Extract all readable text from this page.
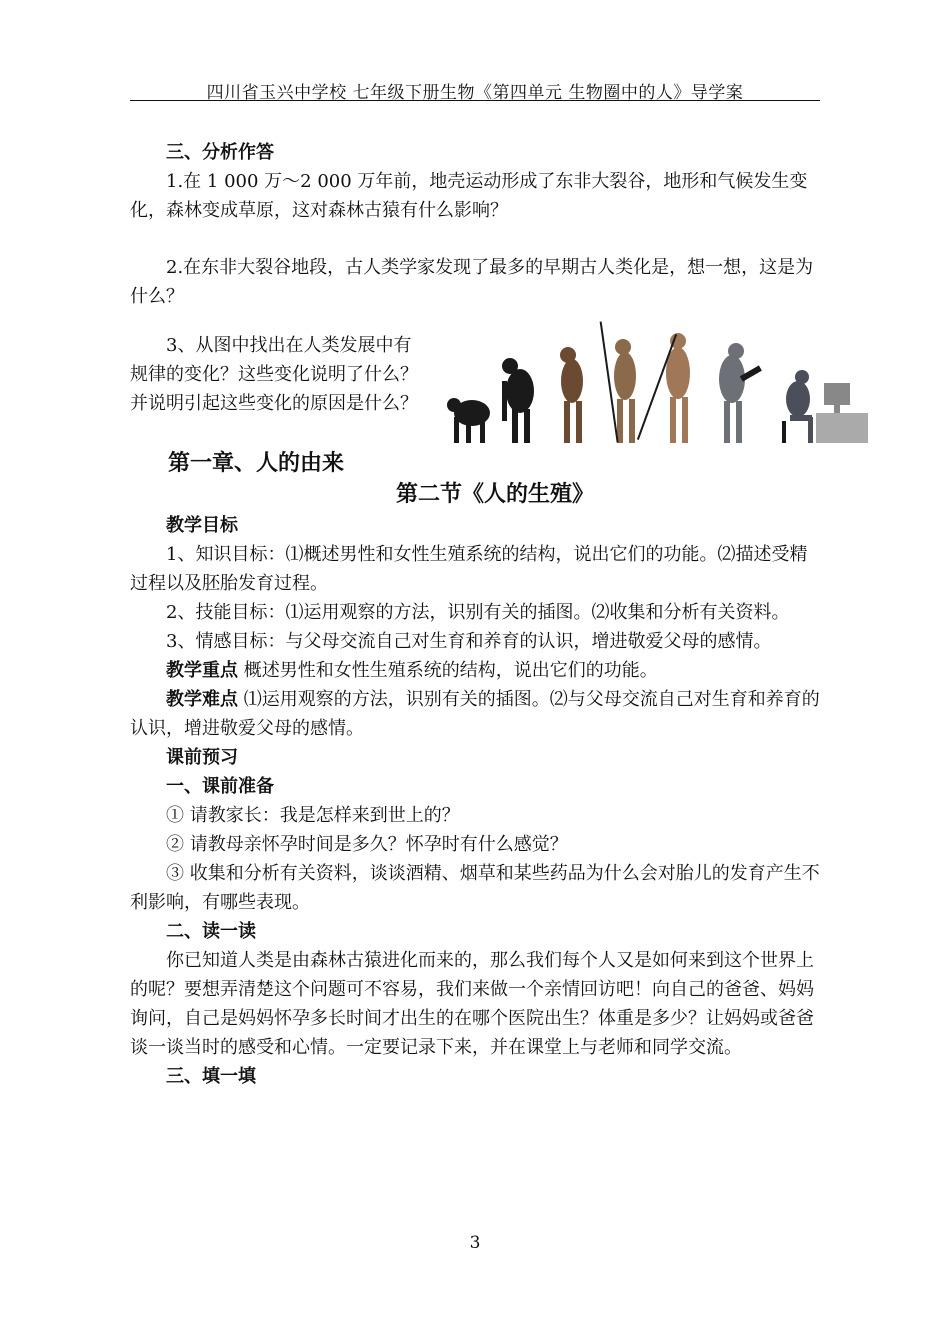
四川省玉兴中学校 七年级下册生物《第四单元 生物圈中的人》导学案

三、分析作答

1.在 1 000 万～2 000 万年前，地壳运动形成了东非大裂谷，地形和气候发生变化，森林变成草原，这对森林古猿有什么影响？

2.在东非大裂谷地段，古人类学家发现了最多的早期古人类化是，想一想，这是为什么？

3、从图中找出在人类发展中有规律的变化？这些变化说明了什么？并说明引起这些变化的原因是什么？

第一章、人的由来

第二节《人的生殖》

教学目标

1、知识目标：⑴概述男性和女性生殖系统的结构，说出它们的功能。⑵描述受精过程以及胚胎发育过程。

2、技能目标：⑴运用观察的方法，识别有关的插图。⑵收集和分析有关资料。

3、情感目标：与父母交流自己对生育和养育的认识，增进敬爱父母的感情。

教学重点 概述男性和女性生殖系统的结构，说出它们的功能。

教学难点 ⑴运用观察的方法，识别有关的插图。⑵与父母交流自己对生育和养育的认识，增进敬爱父母的感情。

课前预习

一、课前准备

① 请教家长：我是怎样来到世上的？

② 请教母亲怀孕时间是多久？怀孕时有什么感觉？

③ 收集和分析有关资料，谈谈酒精、烟草和某些药品为什么会对胎儿的发育产生不利影响，有哪些表现。

二、读一读

你已知道人类是由森林古猿进化而来的，那么我们每个人又是如何来到这个世界上的呢？要想弄清楚这个问题可不容易，我们来做一个亲情回访吧！向自己的爸爸、妈妈询问，自己是妈妈怀孕多长时间才出生的在哪个医院出生？体重是多少？让妈妈或爸爸谈一谈当时的感受和心情。一定要记录下来，并在课堂上与老师和同学交流。

三、填一填

3
